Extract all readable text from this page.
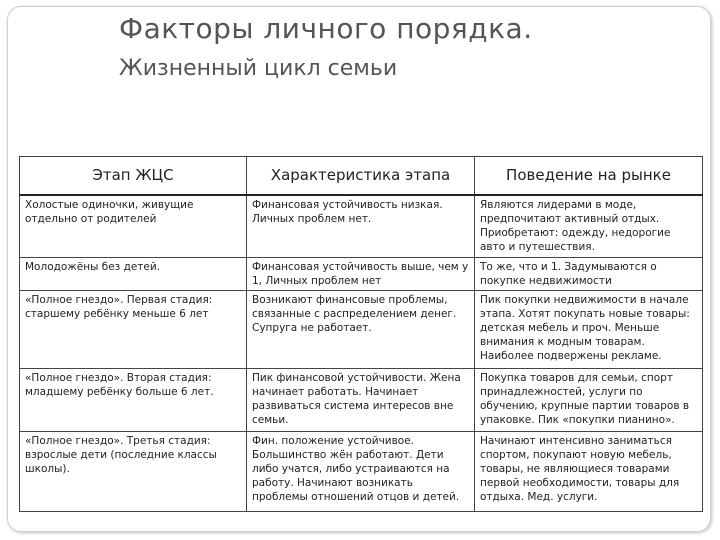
Факторы личного порядка.
Жизненный цикл семьи
Этап ЖЦС	Характеристика этапа	Поведение на рынке
Холостые одиночки, живущие отдельно от родителей	Финансовая устойчивость низкая. Личных проблем нет.	Являются лидерами в моде, предпочитают активный отдых. Приобретают: одежду, недорогие авто и путешествия.
Молодожёны без детей.	Финансовая устойчивость выше, чем у 1, Личных проблем нет	То же, что и 1. Задумываются о покупке недвижимости
«Полное гнездо». Первая стадия: старшему ребёнку меньше 6 лет	Возникают финансовые проблемы, связанные с распределением денег. Супруга не работает.	Пик покупки недвижимости в начале этапа. Хотят покупать новые товары: детская мебель и проч. Меньше внимания к модным товарам. Наиболее подвержены рекламе.
«Полное гнездо». Вторая стадия: младшему ребёнку больше 6 лет.	Пик финансовой устойчивости. Жена начинает работать. Начинает развиваться система интересов вне семьи.	Покупка товаров для семьи, спорт принадлежностей, услуги по обучению, крупные партии товаров в упаковке. Пик «покупки пианино».
«Полное гнездо». Третья стадия: взрослые дети (последние классы школы).	Фин. положение устойчивое. Большинство жён работают. Дети либо учатся, либо устраиваются на работу. Начинают возникать проблемы отношений отцов и детей.	Начинают интенсивно заниматься спортом, покупают новую мебель, товары, не являющиеся товарами первой необходимости, товары для отдыха. Мед. услуги.
